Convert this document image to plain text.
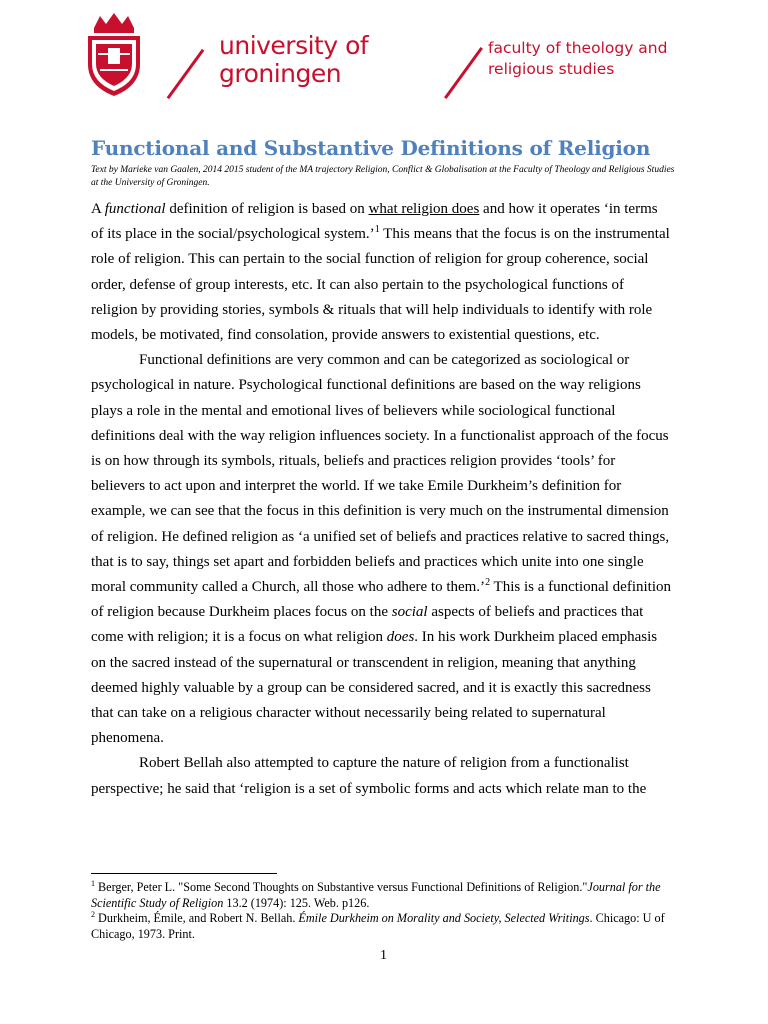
university of
groningen
faculty of theology and
religious studies
Functional and Substantive Definitions of Religion
Text by Marieke van Gaalen, 2014 2015 student of the MA trajectory Religion, Conflict & Globalisation at the Faculty of Theology and Religious Studies at the University of Groningen.

A functional definition of religion is based on what religion does and how it operates ‘in terms of its place in the social/psychological system.’$^1$ This means that the focus is on the instrumental role of religion. This can pertain to the social function of religion for group coherence, social order, defense of group interests, etc. It can also pertain to the psychological functions of religion by providing stories, symbols & rituals that will help individuals to identify with role models, be motivated, find consolation, provide answers to existential questions, etc.

Functional definitions are very common and can be categorized as sociological or psychological in nature. Psychological functional definitions are based on the way religions plays a role in the mental and emotional lives of believers while sociological functional definitions deal with the way religion influences society. In a functionalist approach of the focus is on how through its symbols, rituals, beliefs and practices religion provides ‘tools’ for believers to act upon and interpret the world. If we take Emile Durkheim’s definition for example, we can see that the focus in this definition is very much on the instrumental dimension of religion. He defined religion as ‘a unified set of beliefs and practices relative to sacred things, that is to say, things set apart and forbidden beliefs and practices which unite into one single moral community called a Church, all those who adhere to them.’$^2$ This is a functional definition of religion because Durkheim places focus on the social aspects of beliefs and practices that come with religion; it is a focus on what religion does. In his work Durkheim placed emphasis on the sacred instead of the supernatural or transcendent in religion, meaning that anything deemed highly valuable by a group can be considered sacred, and it is exactly this sacredness that can take on a religious character without necessarily being related to supernatural phenomena.

Robert Bellah also attempted to capture the nature of religion from a functionalist perspective; he said that ‘religion is a set of symbolic forms and acts which relate man to the

$^1$ Berger, Peter L. "Some Second Thoughts on Substantive versus Functional Definitions of Religion."Journal for the Scientific Study of Religion 13.2 (1974): 125. Web. p126.

$^2$ Durkheim, Émile, and Robert N. Bellah. Émile Durkheim on Morality and Society, Selected Writings. Chicago: U of Chicago, 1973. Print.

1
